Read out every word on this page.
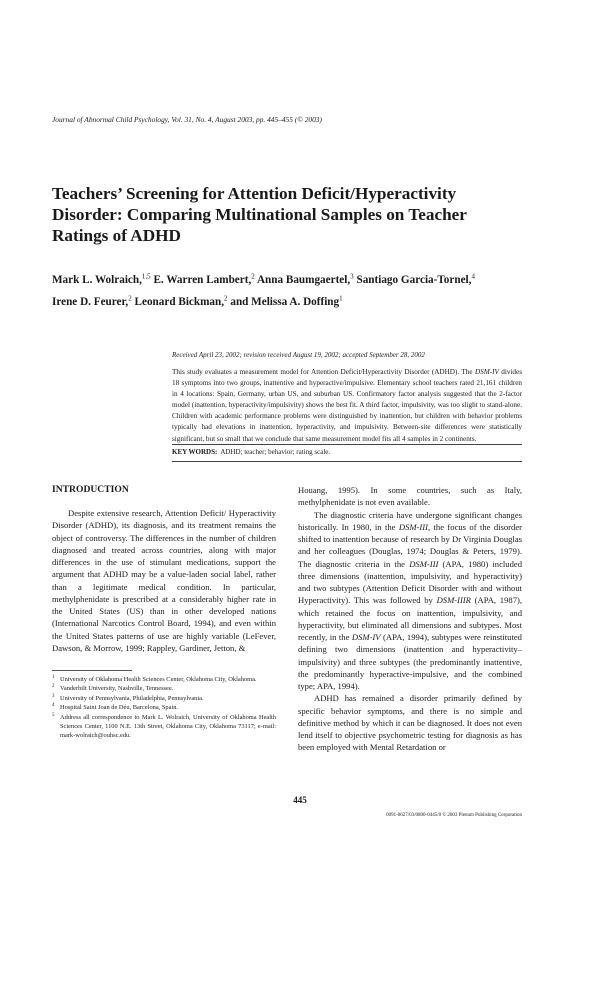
Journal of Abnormal Child Psychology, Vol. 31, No. 4, August 2003, pp. 445–455 (© 2003)
Teachers’ Screening for Attention Deficit/Hyperactivity Disorder: Comparing Multinational Samples on Teacher Ratings of ADHD
Mark L. Wolraich,$^{1,5}$ E. Warren Lambert,$^2$ Anna Baumgaertel,$^3$ Santiago Garcia-Tornel,$^4$
Irene D. Feurer,$^2$ Leonard Bickman,$^2$ and Melissa A. Doffing$^1$
Received April 23, 2002; revision received August 19, 2002; accepted September 28, 2002
This study evaluates a measurement model for Attention Deficit/Hyperactivity Disorder (ADHD). The DSM-IV divides 18 symptoms into two groups, inattentive and hyperactive/impulsive. Elementary school teachers rated 21,161 children in 4 locations: Spain, Germany, urban US, and suburban US. Confirmatory factor analysis suggested that the 2-factor model (inattention, hyperactivity/impulsivity) shows the best fit. A third factor, impulsivity, was too slight to stand-alone. Children with academic performance problems were distinguished by inattention, but children with behavior problems typically had elevations in inattention, hyperactivity, and impulsivity. Between-site differences were statistically significant, but so small that we conclude that same measurement model fits all 4 samples in 2 continents.
KEY WORDS: ADHD; teacher; behavior; rating scale.
INTRODUCTION

Despite extensive research, Attention Deficit/ Hyperactivity Disorder (ADHD), its diagnosis, and its treatment remains the object of controversy. The differences in the number of children diagnosed and treated across countries, along with major differences in the use of stimulant medications, support the argument that ADHD may be a value-laden social label, rather than a legitimate medical condition. In particular, methylphenidate is prescribed at a considerably higher rate in the United States (US) than in other developed nations (International Narcotics Control Board, 1994), and even within the United States patterns of use are highly variable (LeFever, Dawson, & Morrow, 1999; Rappley, Gardiner, Jetton, &

Houang, 1995). In some countries, such as Italy, methylphenidate is not even available.

The diagnostic criteria have undergone significant changes historically. In 1980, in the DSM-III, the focus of the disorder shifted to inattention because of research by Dr Virginia Douglas and her colleagues (Douglas, 1974; Douglas & Peters, 1979). The diagnostic criteria in the DSM-III (APA, 1980) included three dimensions (inattention, impulsivity, and hyperactivity) and two subtypes (Attention Deficit Disorder with and without Hyperactivity). This was followed by DSM-IIIR (APA, 1987), which retained the focus on inattention, impulsivity, and hyperactivity, but eliminated all dimensions and subtypes. Most recently, in the DSM-IV (APA, 1994), subtypes were reinstituted defining two dimensions (inattention and hyperactivity–impulsivity) and three subtypes (the predominantly inattentive, the predominantly hyperactive-impulsive, and the combined type; APA, 1994).

ADHD has remained a disorder primarily defined by specific behavior symptoms, and there is no simple and definitive method by which it can be diagnosed. It does not even lend itself to objective psychometric testing for diagnosis as has been employed with Mental Retardation or

1 University of Oklahoma Health Sciences Center, Oklahoma City, Oklahoma.
2 Vanderbilt University, Nashville, Tennessee.
3 University of Pennsylvania, Philadelphia, Pennsylvania.
4 Hospital Saint Joan de Déu, Barcelona, Spain.
5 Address all correspondence to Mark L. Wolraich, University of Oklahoma Health Sciences Center, 1100 N.E. 13th Street, Oklahoma City, Oklahoma 73117; e-mail: mark-wolraich@ouhsc.edu.
445
0091-0627/03/0800-0445/0 © 2003 Plenum Publishing Corporation
